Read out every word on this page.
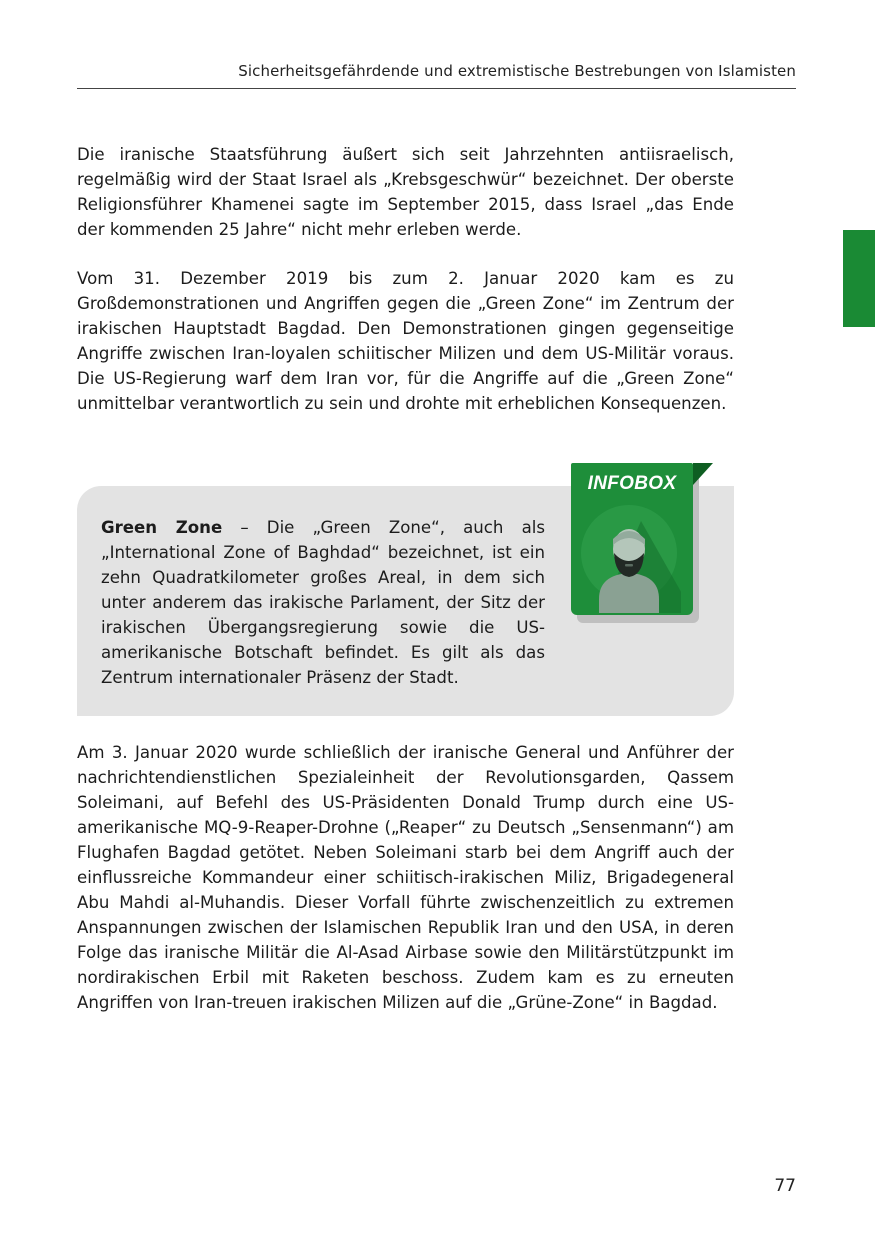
Sicherheitsgefährdende und extremistische Bestrebungen von Islamisten

Die iranische Staatsführung äußert sich seit Jahrzehnten antiisraelisch, regelmäßig wird der Staat Israel als „Krebsgeschwür“ bezeichnet. Der oberste Religionsführer Khamenei sagte im September 2015, dass Israel „das Ende der kommenden 25 Jahre“ nicht mehr erleben werde.

Vom 31. Dezember 2019 bis zum 2. Januar 2020 kam es zu Großdemonstrationen und Angriffen gegen die „Green Zone“ im Zentrum der irakischen Hauptstadt Bagdad. Den Demonstrationen gingen gegenseitige Angriffe zwischen Iran-loyalen schiitischer Milizen und dem US-Militär voraus. Die US-Regierung warf dem Iran vor, für die Angriffe auf die „Green Zone“ unmittelbar verantwortlich zu sein und drohte mit erheblichen Konsequenzen.

Green Zone – Die „Green Zone“, auch als „International Zone of Baghdad“ bezeichnet, ist ein zehn Quadratkilometer großes Areal, in dem sich unter anderem das irakische Parlament, der Sitz der irakischen Übergangsregierung sowie die US-amerikanische Botschaft befindet. Es gilt als das Zentrum internationaler Präsenz der Stadt.

INFOBOX

Am 3. Januar 2020 wurde schließlich der iranische General und Anführer der nachrichtendienstlichen Spezialeinheit der Revolutionsgarden, Qassem Soleimani, auf Befehl des US-Präsidenten Donald Trump durch eine US-amerikanische MQ-9-Reaper-Drohne („Reaper“ zu Deutsch „Sensenmann“) am Flughafen Bagdad getötet. Neben Soleimani starb bei dem Angriff auch der einflussreiche Kommandeur einer schiitisch-irakischen Miliz, Brigadegeneral Abu Mahdi al-Muhandis. Dieser Vorfall führte zwischenzeitlich zu extremen Anspannungen zwischen der Islamischen Republik Iran und den USA, in deren Folge das iranische Militär die Al-Asad Airbase sowie den Militärstützpunkt im nordirakischen Erbil mit Raketen beschoss. Zudem kam es zu erneuten Angriffen von Iran-treuen irakischen Milizen auf die „Grüne-Zone“ in Bagdad.

77
